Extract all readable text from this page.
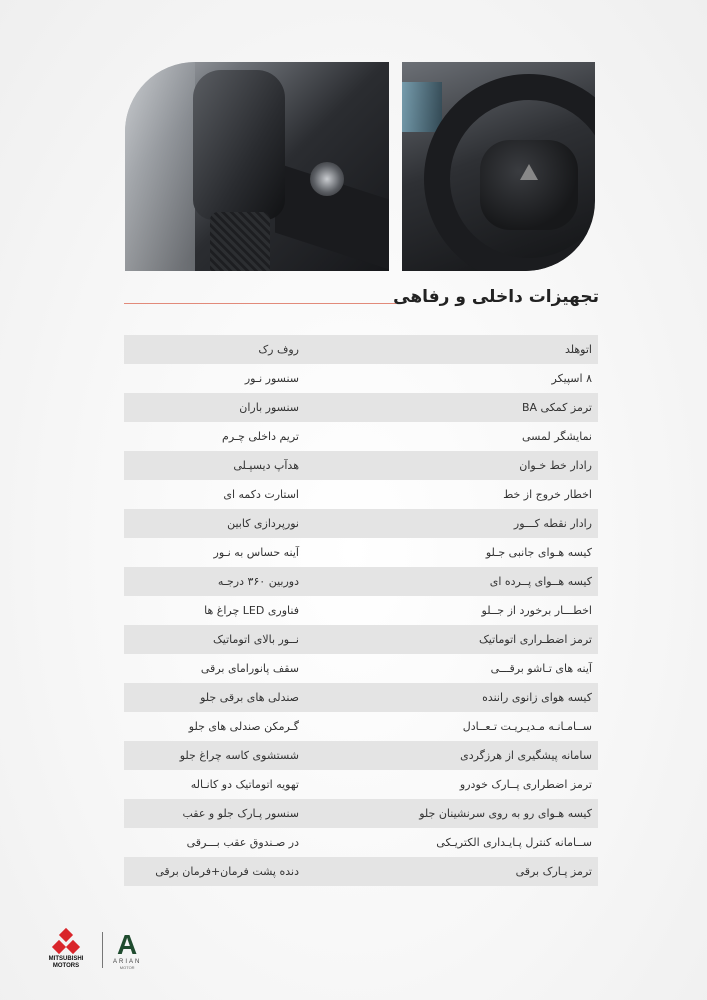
تجهیزات داخلی و رفاهی
اتوهلد
روف رک
۸ اسپیکر
سنسور نـور
ترمز کمکی BA
سنسور باران
نمایشگر لمسی
تریم داخلی چـرم
رادار خط خـوان
هدآپ دیسپـلی
اخطار خروج از خط
استارت دکمه ای
رادار نقطه کـــور
نورپردازی کابین
کیسه هـوای جانبی جـلو
آینه حساس به نـور
کیسه هــوای پــرده ای
دوربین ۳۶۰ درجـه
اخطـــار برخورد از جــلو
فناوری LED چراغ ها
ترمز اضطـراری اتوماتیک
نــور بالای اتوماتیک
آینه های تـاشو برقـــی
سقف پانورامای برقی
کیسه هوای زانوی راننده
صندلی های برقی جلو
ســامـانـه مـدیـریـت تـعــادل
گـرمکن صندلی های جلو
سامانه پیشگیری از هرزگردی
شستشوی کاسه چراغ جلو
ترمز اضطراری پــارک خودرو
تهویه اتوماتیک دو کانـاله
کیسه هـوای رو به روی سرنشینان جلو
سنسور پـارک جلو و عقب
ســامانه کنترل پـایـداری الکتریـکی
در صـندوق عقب بـــرقی
ترمز پـارک برقی
دنده پشت فرمان+فرمان برقی
MITSUBISHI
MOTORS
A
ARIAN
MOTOR
